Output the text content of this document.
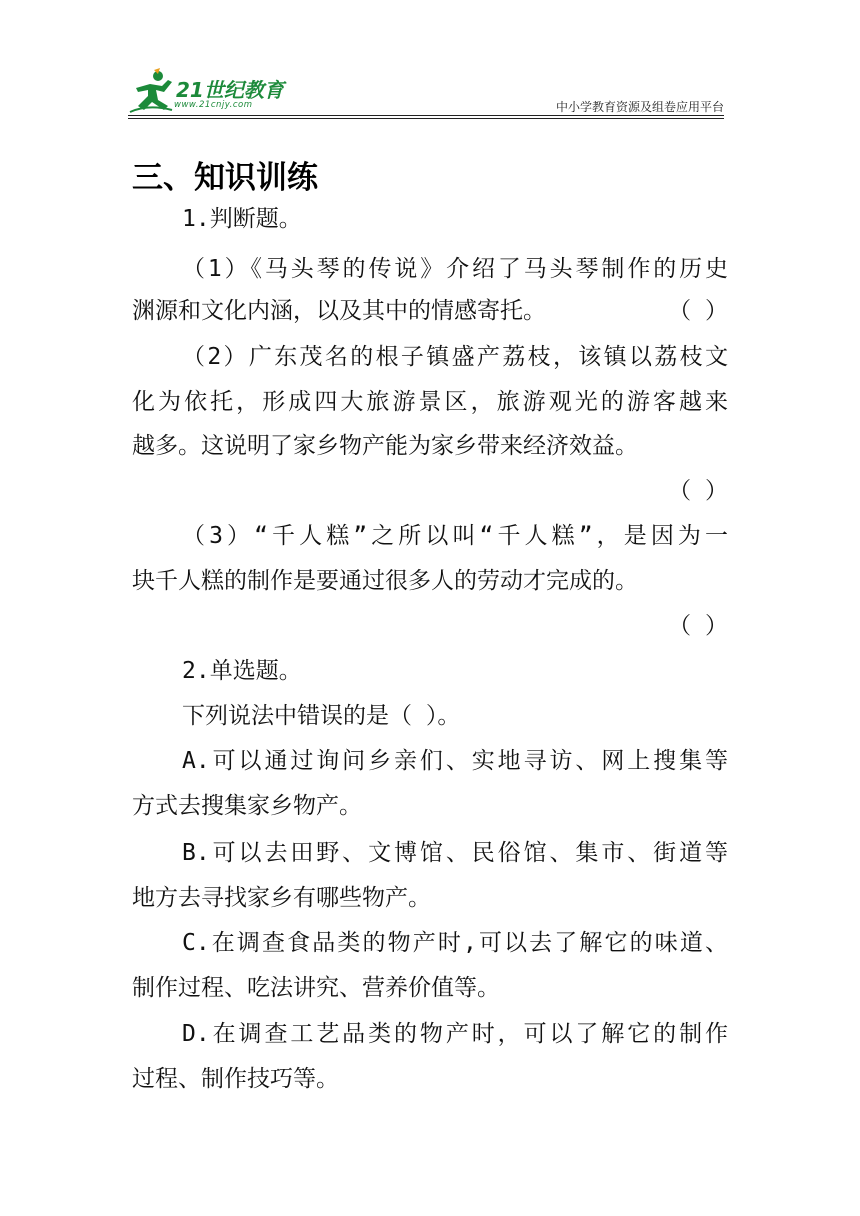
21世纪教育
www.21cnjy.com	中小学教育资源及组卷应用平台
三、知识训练
1.判断题。
（1）《马头琴的传说》介绍了马头琴制作的历史
渊源和文化内涵，以及其中的情感寄托。	（ ）
（2）广东茂名的根子镇盛产荔枝，该镇以荔枝文
化为依托，形成四大旅游景区，旅游观光的游客越来
越多。这说明了家乡物产能为家乡带来经济效益。
（ ）
（3）“千人糕”之所以叫“千人糕”，是因为一
块千人糕的制作是要通过很多人的劳动才完成的。
（ ）
2.单选题。
下列说法中错误的是（ ）。
A.可以通过询问乡亲们、实地寻访、网上搜集等
方式去搜集家乡物产。
B.可以去田野、文博馆、民俗馆、集市、街道等
地方去寻找家乡有哪些物产。
C.在调查食品类的物产时,可以去了解它的味道、
制作过程、吃法讲究、营养价值等。
D.在调查工艺品类的物产时，可以了解它的制作
过程、制作技巧等。
